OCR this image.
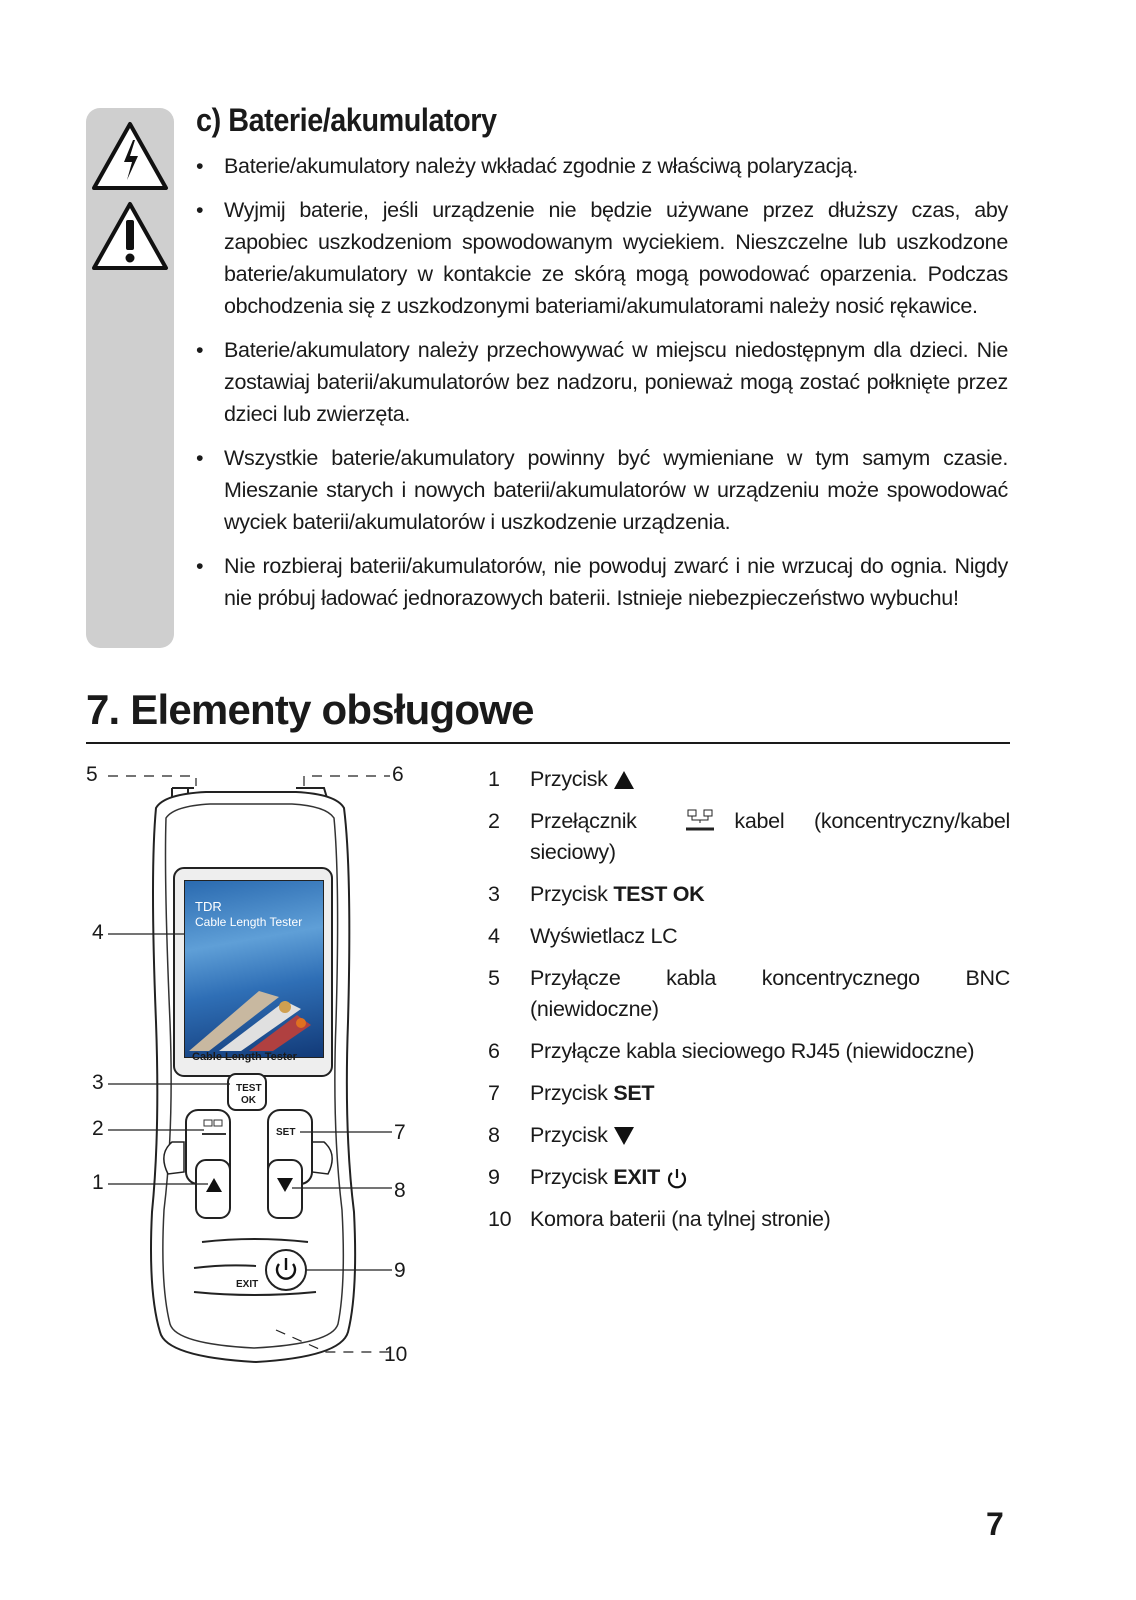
c) Baterie/akumulatory
• Baterie/akumulatory należy wkładać zgodnie z właściwą polaryzacją.
• Wyjmij baterie, jeśli urządzenie nie będzie używane przez dłuższy czas, aby zapobiec uszkodzeniom spowodowanym wyciekiem. Nieszczelne lub uszkodzone baterie/akumulatory w kontakcie ze skórą mogą powodować oparzenia. Podczas obchodzenia się z uszkodzonymi bateriami/akumulatorami należy nosić rękawice.
• Baterie/akumulatory należy przechowywać w miejscu niedostępnym dla dzieci. Nie zostawiaj baterii/akumulatorów bez nadzoru, ponieważ mogą zostać połknięte przez dzieci lub zwierzęta.
• Wszystkie baterie/akumulatory powinny być wymieniane w tym samym czasie. Mieszanie starych i nowych baterii/akumulatorów w urządzeniu może spowodować wyciek baterii/akumulatorów i uszkodzenie urządzenia.
• Nie rozbieraj baterii/akumulatorów, nie powoduj zwarć i nie wrzucaj do ognia. Nigdy nie próbuj ładować jednorazowych baterii. Istnieje niebezpieczeństwo wybuchu!
7. Elementy obsługowe
TDR
Cable Length Tester
5	6
4
3
2
1
7
8
9
10
Cable Length Tester
TEST
OK
SET
EXIT
1	Przycisk
2	Przełącznik	kabel (koncentryczny/kabel sieciowy)
3	Przycisk TEST OK
4	Wyświetlacz LC
5	Przyłącze kabla koncentrycznego BNC (niewidoczne)
6	Przyłącze kabla sieciowego RJ45 (niewidoczne)
7	Przycisk SET
8	Przycisk
9	Przycisk EXIT
10 Komora baterii (na tylnej stronie)
7
